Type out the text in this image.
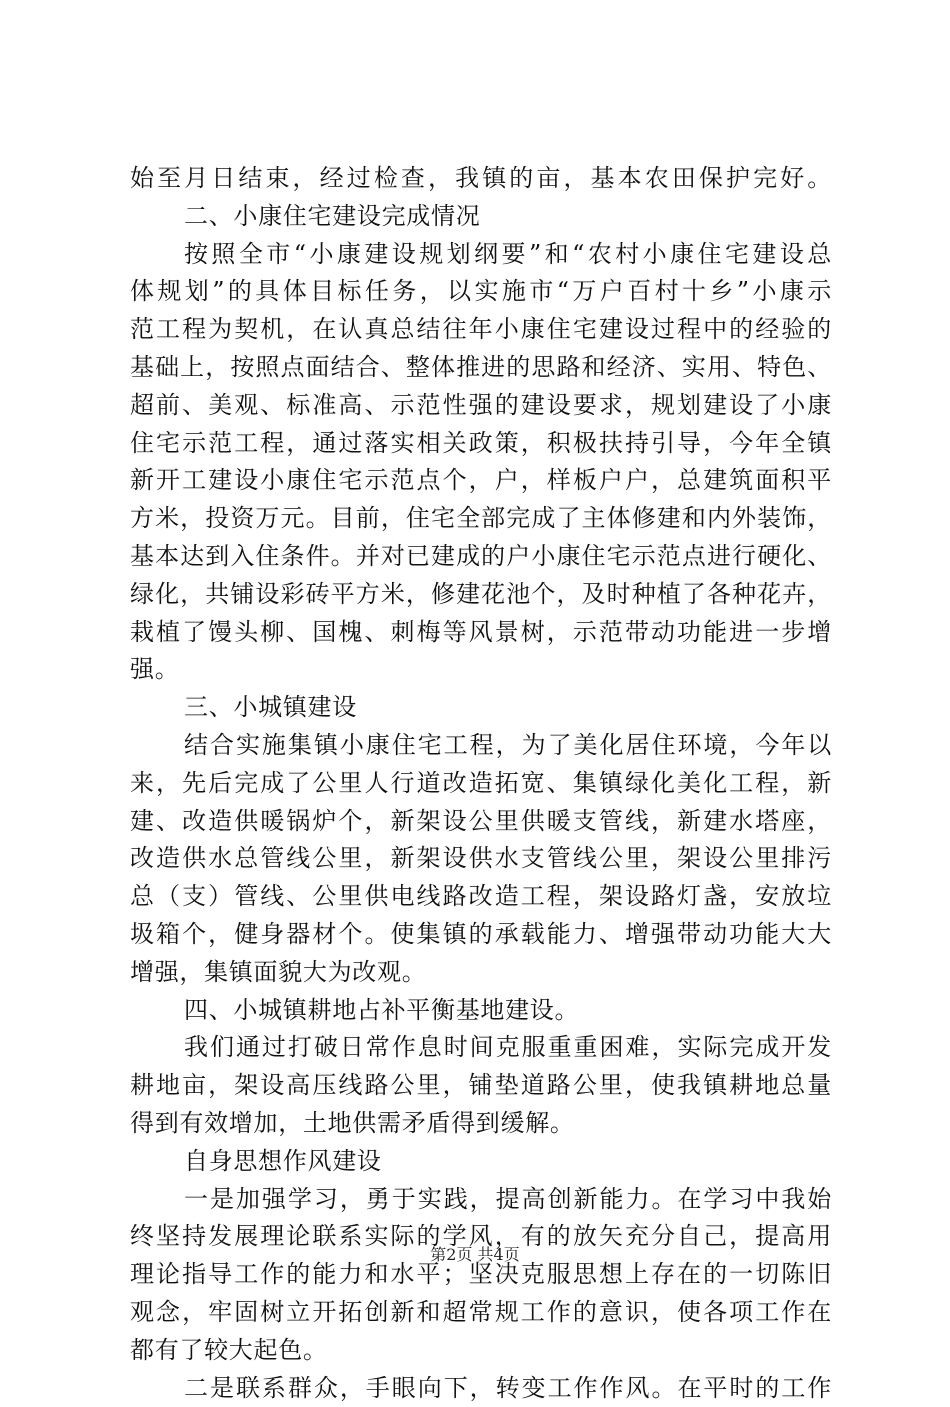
始至月日结束，经过检查，我镇的亩，基本农田保护完好。
二、小康住宅建设完成情况
按照全市“小康建设规划纲要”和“农村小康住宅建设总
体规划”的具体目标任务，以实施市“万户百村十乡”小康示
范工程为契机，在认真总结往年小康住宅建设过程中的经验的
基础上，按照点面结合、整体推进的思路和经济、实用、特色、
超前、美观、标准高、示范性强的建设要求，规划建设了小康
住宅示范工程，通过落实相关政策，积极扶持引导，今年全镇
新开工建设小康住宅示范点个，户，样板户户，总建筑面积平
方米，投资万元。目前，住宅全部完成了主体修建和内外装饰，
基本达到入住条件。并对已建成的户小康住宅示范点进行硬化、
绿化，共铺设彩砖平方米，修建花池个，及时种植了各种花卉，
栽植了馒头柳、国槐、刺梅等风景树，示范带动功能进一步增
强。
三、小城镇建设
结合实施集镇小康住宅工程，为了美化居住环境，今年以
来，先后完成了公里人行道改造拓宽、集镇绿化美化工程，新
建、改造供暖锅炉个，新架设公里供暖支管线，新建水塔座，
改造供水总管线公里，新架设供水支管线公里，架设公里排污
总（支）管线、公里供电线路改造工程，架设路灯盏，安放垃
圾箱个，健身器材个。使集镇的承载能力、增强带动功能大大
增强，集镇面貌大为改观。
四、小城镇耕地占补平衡基地建设。
我们通过打破日常作息时间克服重重困难，实际完成开发
耕地亩，架设高压线路公里，铺垫道路公里，使我镇耕地总量
得到有效增加，土地供需矛盾得到缓解。
自身思想作风建设
一是加强学习，勇于实践，提高创新能力。在学习中我始
终坚持发展理论联系实际的学风，有的放矢充分自己，提高用
理论指导工作的能力和水平；坚决克服思想上存在的一切陈旧
观念，牢固树立开拓创新和超常规工作的意识，使各项工作在
都有了较大起色。
二是联系群众，手眼向下，转变工作作风。在平时的工作
第2页 共4页
